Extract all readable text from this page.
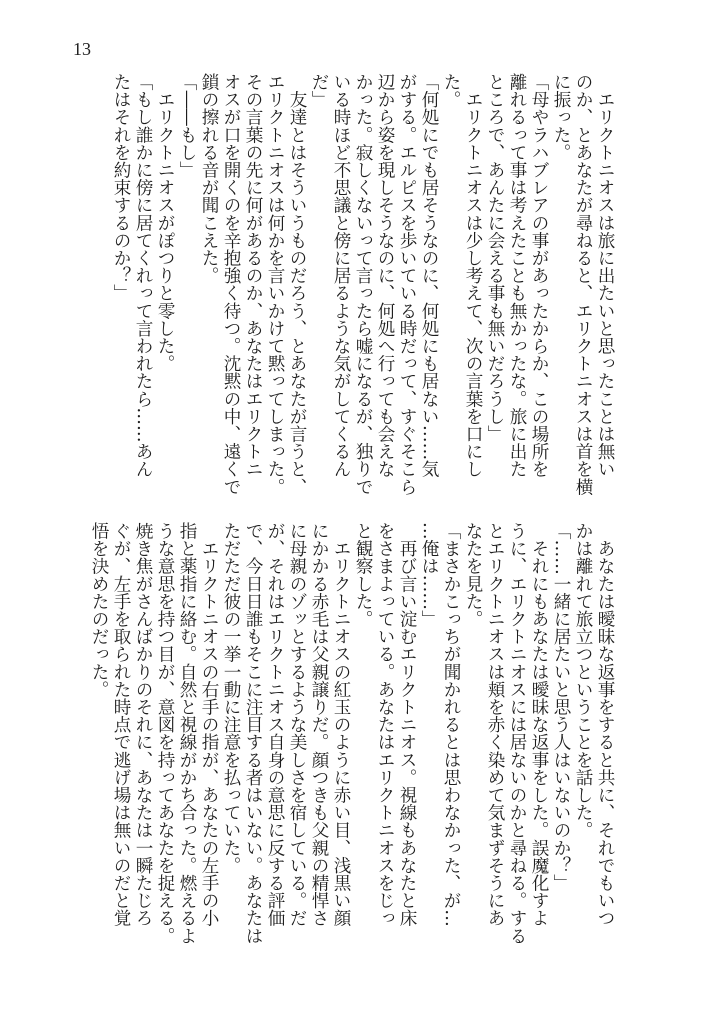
13
　エリクトニオスは旅に出たいと思ったことは無い
のか、とあなたが尋ねると、エリクトニオスは首を横
に振った。
「母やラハブレアの事があったからか、この場所を
離れるって事は考えたことも無かったな。旅に出た
ところで、あんたに会える事も無いだろうし」
　エリクトニオスは少し考えて、次の言葉を口にし
た。
「何処にでも居そうなのに、何処にも居ない……気
がする。エルピスを歩いている時だって、すぐそこら
辺から姿を現しそうなのに、何処へ行っても会えな
かった。寂しくないって言ったら嘘になるが、独りで
いる時ほど不思議と傍に居るような気がしてくるん
だ」
　友達とはそういうものだろう、とあなたが言うと、
エリクトニオスは何かを言いかけて黙ってしまった。
その言葉の先に何があるのか、あなたはエリクトニ
オスが口を開くのを辛抱強く待つ。沈黙の中、遠くで
鎖の擦れる音が聞こえた。
「――もし」
　エリクトニオスがぽつりと零した。
「もし誰かに傍に居てくれって言われたら……あん
たはそれを約束するのか？」
　あなたは曖昧な返事をすると共に、それでもいつ
かは離れて旅立つということを話した。
「……一緒に居たいと思う人はいないのか？」
　それにもあなたは曖昧な返事をした。誤魔化すよ
うに、エリクトニオスには居ないのかと尋ねる。する
とエリクトニオスは頬を赤く染めて気まずそうにあ
なたを見た。
「まさかこっちが聞かれるとは思わなかった、が…
…俺は……」
　再び言い淀むエリクトニオス。視線もあなたと床
をさまよっている。あなたはエリクトニオスをじっ
と観察した。
　エリクトニオスの紅玉のように赤い目、浅黒い顔
にかかる赤毛は父親譲りだ。顔つきも父親の精悍さ
に母親のゾッとするような美しさを宿している。だ
が、それはエリクトニオス自身の意思に反する評価
で、今日日誰もそこに注目する者はいない。あなたは
ただただ彼の一挙一動に注意を払っていた。
　エリクトニオスの右手の指が、あなたの左手の小
指と薬指に絡む。自然と視線がかち合った。燃えるよ
うな意思を持つ目が、意図を持ってあなたを捉える。
焼き焦がさんばかりのそれに、あなたは一瞬たじろ
ぐが、左手を取られた時点で逃げ場は無いのだと覚
悟を決めたのだった。
